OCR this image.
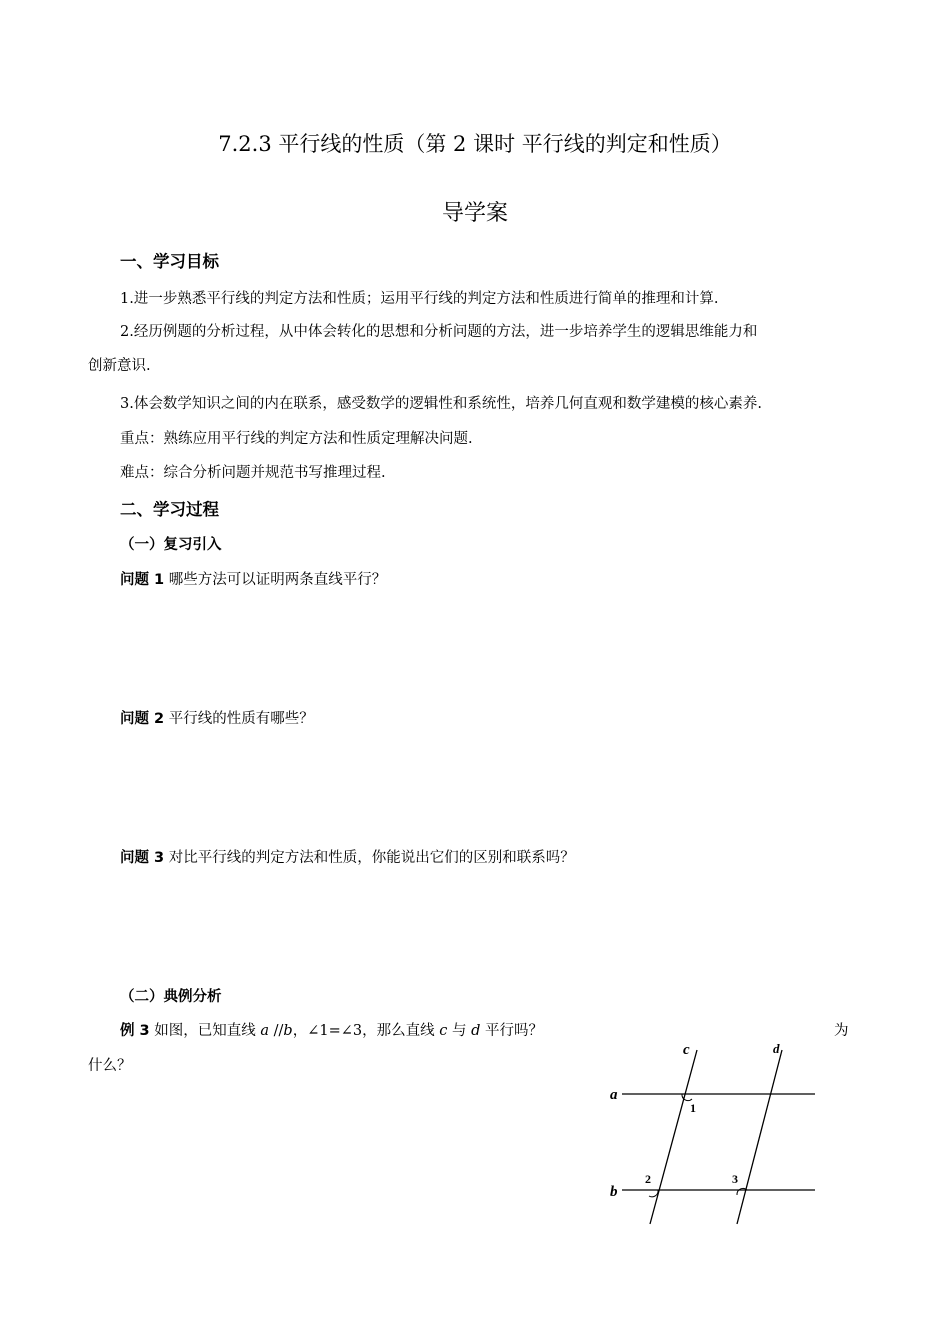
7.2.3 平行线的性质（第 2 课时 平行线的判定和性质）
导学案
一、学习目标
1.进一步熟悉平行线的判定方法和性质；运用平行线的判定方法和性质进行简单的推理和计算.
2.经历例题的分析过程，从中体会转化的思想和分析问题的方法，进一步培养学生的逻辑思维能力和
创新意识.
3.体会数学知识之间的内在联系，感受数学的逻辑性和系统性，培养几何直观和数学建模的核心素养.
重点：熟练应用平行线的判定方法和性质定理解决问题.
难点：综合分析问题并规范书写推理过程.
二、学习过程
（一）复习引入
问题 1 哪些方法可以证明两条直线平行？
问题 2 平行线的性质有哪些？
问题 3 对比平行线的判定方法和性质，你能说出它们的区别和联系吗？
（二）典例分析
例 3 如图，已知直线 a //b，∠1=∠3，那么直线 c 与 d 平行吗？	为
什么？
a
b
c	d
1
2	3
